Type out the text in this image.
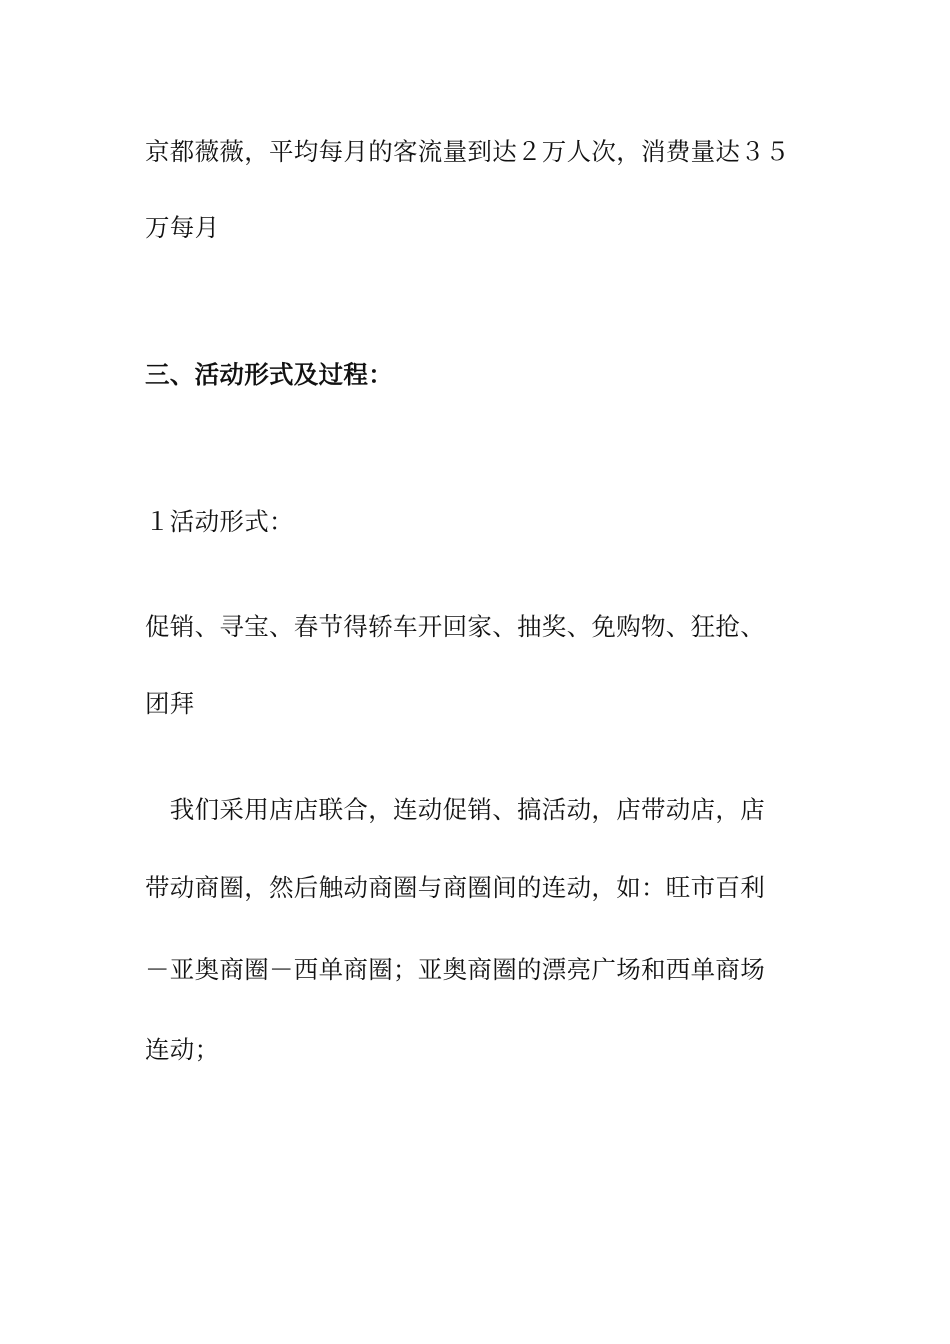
京都薇薇，平均每月的客流量到达２万人次，消费量达３５
万每月
三、活动形式及过程：
１活动形式：
促销、寻宝、春节得轿车开回家、抽奖、免购物、狂抢、
团拜
　我们采用店店联合，连动促销、搞活动，店带动店，店
带动商圈，然后触动商圈与商圈间的连动，如：旺市百利
－亚奥商圈－西单商圈；亚奥商圈的漂亮广场和西单商场
连动；
